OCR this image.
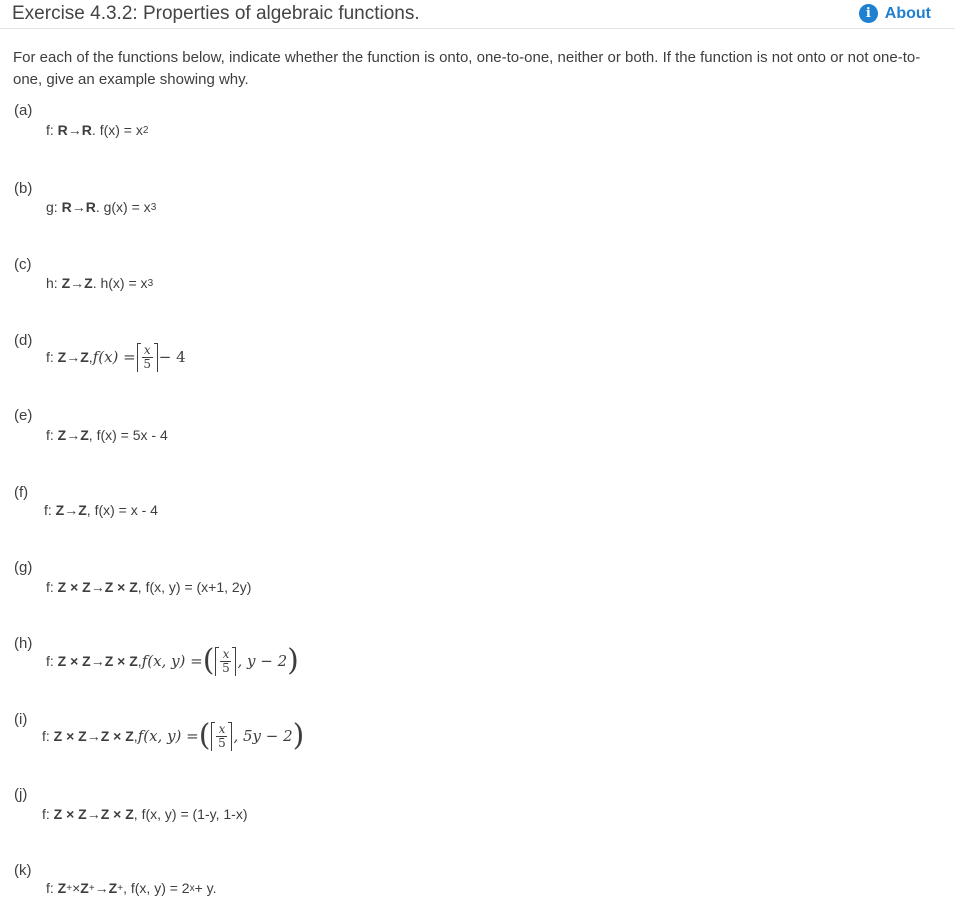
Exercise 4.3.2: Properties of algebraic functions.	i About
For each of the functions below, indicate whether the function is onto, one-to-one, neither or both. If the function is not onto or not one-to-one, give an example showing why.
(a)
f:
R → R . f(x) = x 2
(b)
g:
R → R . g(x) = x 3
(c)
h:
Z → Z . h(x) = x 3
(d)
f:
Z → Z , $f(x) = \frac{x}{5} - 4$
(e)
f:
Z → Z , f(x) = 5x - 4
(f)
f:
Z → Z , f(x) = x - 4
(g)
f:
Z × Z → Z × Z , f(x, y) = (x+1, 2y)
(h)
f:
Z × Z → Z × Z , f(x, y) = ( $\frac{x}{5}$ , y − 2 )
(i)
f:
Z × Z → Z × Z , f(x, y) = ( $\frac{x}{5}$ , 5y − 2 )
(j)
f:
Z × Z → Z × Z , f(x, y) = (1-y, 1-x)
(k)
f:
Z + × Z + → Z + , f(x, y) = 2 x + y.
